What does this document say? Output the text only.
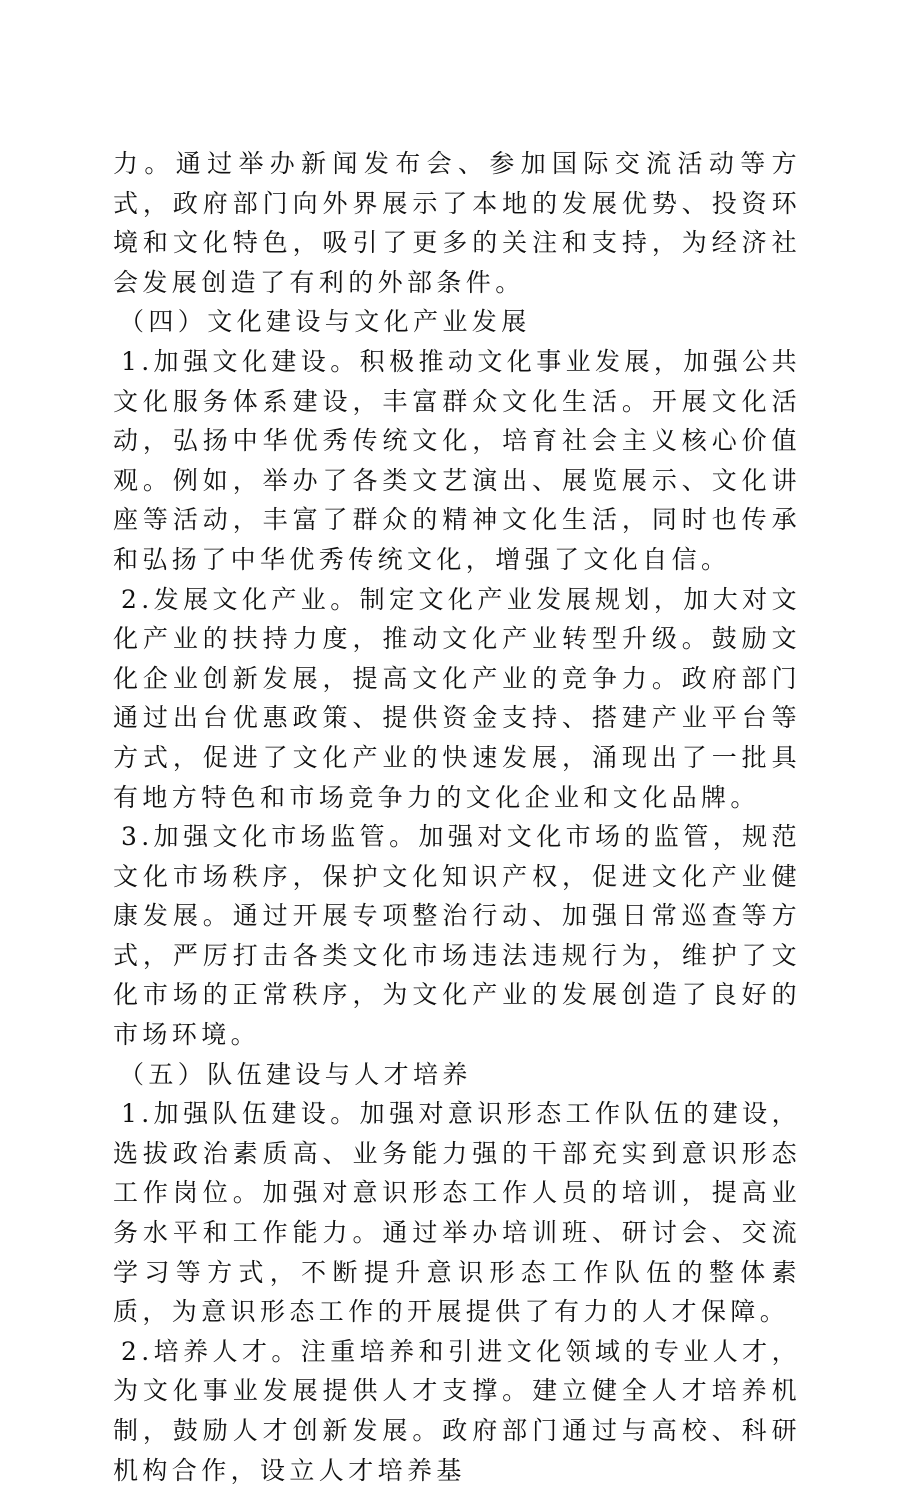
力。通过举办新闻发布会、参加国际交流活动等方式，政府部门向外界展示了本地的发展优势、投资环境和文化特色，吸引了更多的关注和支持，为经济社会发展创造了有利的外部条件。

（四）文化建设与文化产业发展

1.加强文化建设。积极推动文化事业发展，加强公共文化服务体系建设，丰富群众文化生活。开展文化活动，弘扬中华优秀传统文化，培育社会主义核心价值观。例如，举办了各类文艺演出、展览展示、文化讲座等活动，丰富了群众的精神文化生活，同时也传承和弘扬了中华优秀传统文化，增强了文化自信。

2.发展文化产业。制定文化产业发展规划，加大对文化产业的扶持力度，推动文化产业转型升级。鼓励文化企业创新发展，提高文化产业的竞争力。政府部门通过出台优惠政策、提供资金支持、搭建产业平台等方式，促进了文化产业的快速发展，涌现出了一批具有地方特色和市场竞争力的文化企业和文化品牌。

3.加强文化市场监管。加强对文化市场的监管，规范文化市场秩序，保护文化知识产权，促进文化产业健康发展。通过开展专项整治行动、加强日常巡查等方式，严厉打击各类文化市场违法违规行为，维护了文化市场的正常秩序，为文化产业的发展创造了良好的市场环境。

（五）队伍建设与人才培养

1.加强队伍建设。加强对意识形态工作队伍的建设，选拔政治素质高、业务能力强的干部充实到意识形态工作岗位。加强对意识形态工作人员的培训，提高业务水平和工作能力。通过举办培训班、研讨会、交流学习等方式，不断提升意识形态工作队伍的整体素质，为意识形态工作的开展提供了有力的人才保障。

2.培养人才。注重培养和引进文化领域的专业人才，为文化事业发展提供人才支撑。建立健全人才培养机制，鼓励人才创新发展。政府部门通过与高校、科研机构合作，设立人才培养基
